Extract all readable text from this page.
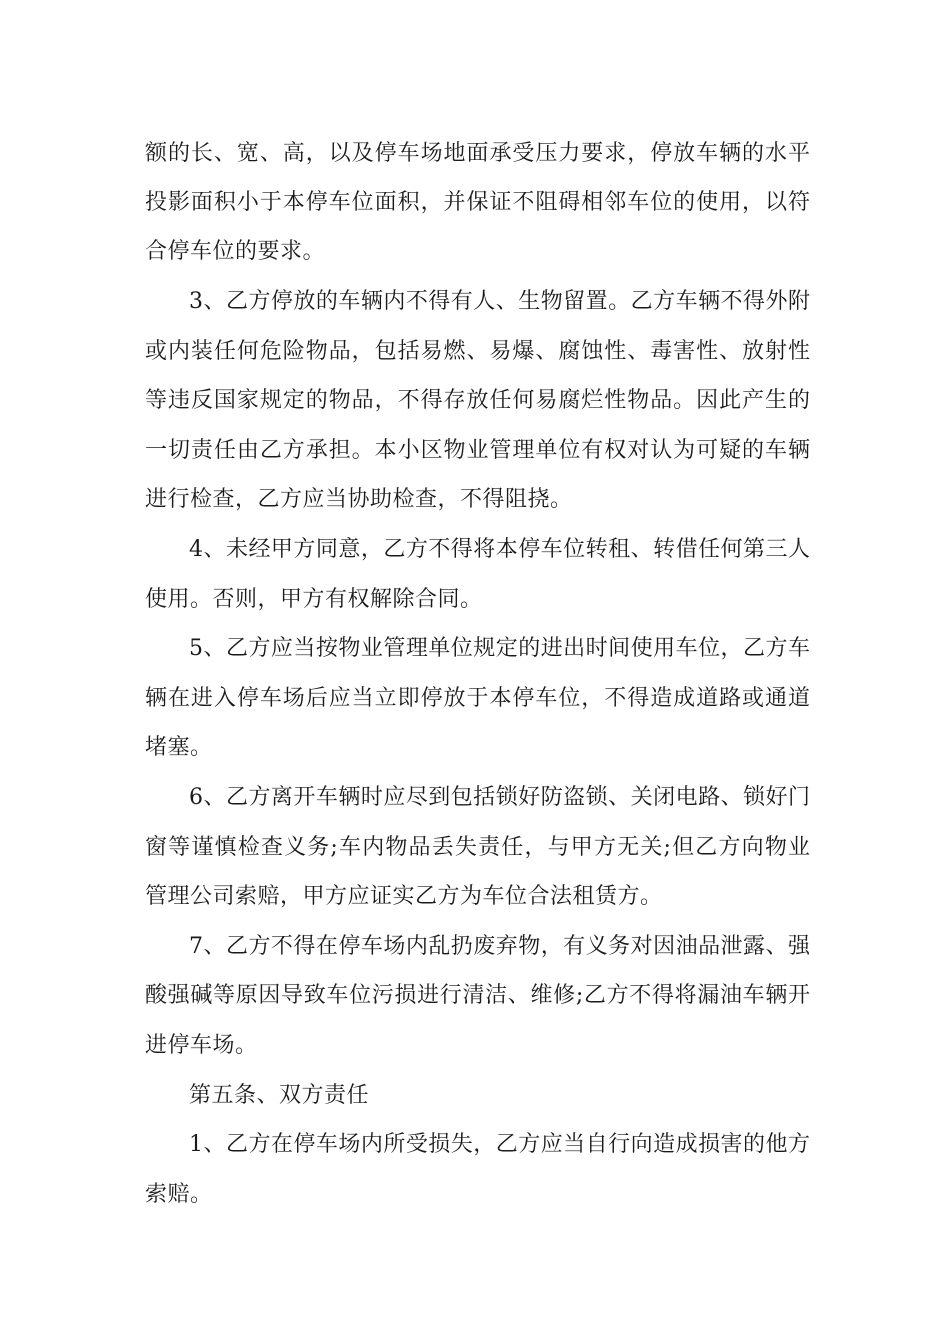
额的长、宽、高，以及停车场地面承受压力要求，停放车辆的水平
投影面积小于本停车位面积，并保证不阻碍相邻车位的使用，以符
合停车位的要求。
3、乙方停放的车辆内不得有人、生物留置。乙方车辆不得外附
或内装任何危险物品，包括易燃、易爆、腐蚀性、毒害性、放射性
等违反国家规定的物品，不得存放任何易腐烂性物品。因此产生的
一切责任由乙方承担。本小区物业管理单位有权对认为可疑的车辆
进行检查，乙方应当协助检查，不得阻挠。
4、未经甲方同意，乙方不得将本停车位转租、转借任何第三人
使用。否则，甲方有权解除合同。
5、乙方应当按物业管理单位规定的进出时间使用车位，乙方车
辆在进入停车场后应当立即停放于本停车位，不得造成道路或通道
堵塞。
6、乙方离开车辆时应尽到包括锁好防盗锁、关闭电路、锁好门
窗等谨慎检查义务;车内物品丢失责任，与甲方无关;但乙方向物业
管理公司索赔，甲方应证实乙方为车位合法租赁方。
7、乙方不得在停车场内乱扔废弃物，有义务对因油品泄露、强
酸强碱等原因导致车位污损进行清洁、维修;乙方不得将漏油车辆开
进停车场。
第五条、双方责任
1、乙方在停车场内所受损失，乙方应当自行向造成损害的他方
索赔。
